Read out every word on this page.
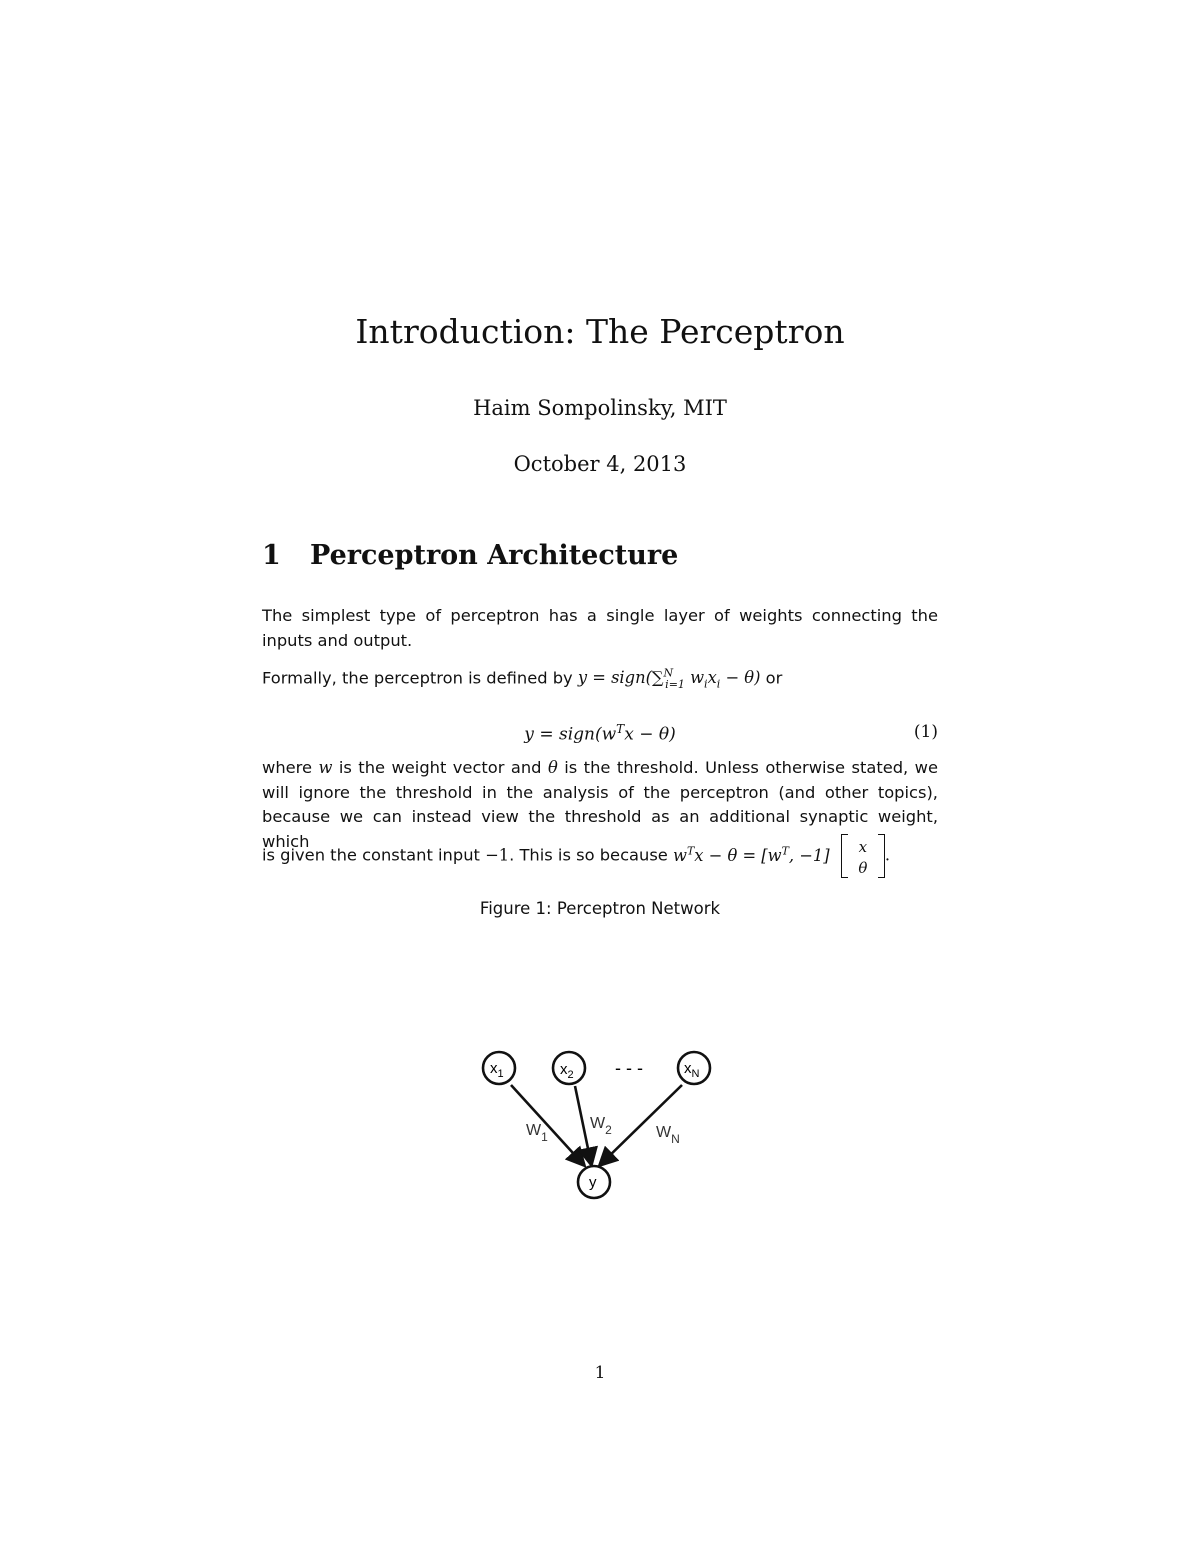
Introduction: The Perceptron
Haim Sompolinsky, MIT
October 4, 2013
1 Perceptron Architecture
The simplest type of perceptron has a single layer of weights connecting the inputs and output.
Formally, the perceptron is defined by y = sign(∑$^N_{i=1}$ $w_ix_i - \theta$) or
$y = sign(w^Tx - \theta)$	(1)
where w is the weight vector and θ is the threshold. Unless otherwise stated, we will ignore the threshold in the analysis of the perceptron (and other topics), because we can instead view the threshold as an additional synaptic weight, which
is given the constant input −1. This is so because $w^Tx - \theta = [w^T$, −1]	x
θ
.
Figure 1: Perceptron Network
$x_1$	$x_2$	$x_N$
y
- - -
$W_1$
$W_2$	$W_N$
1
